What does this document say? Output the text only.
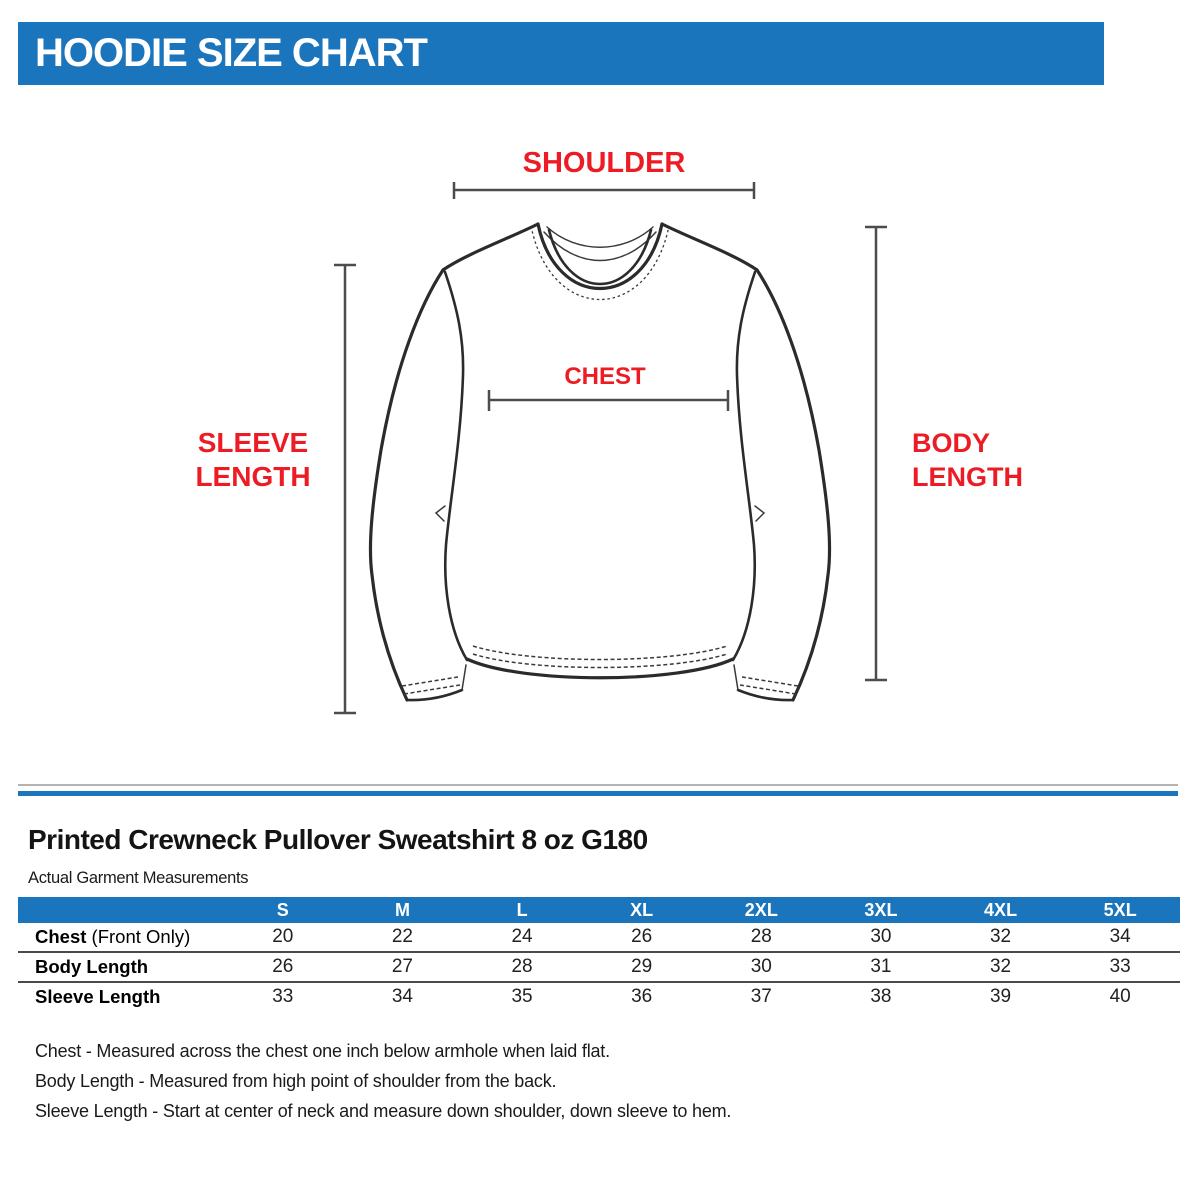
HOODIE SIZE CHART
SHOULDER
CHEST
SLEEVE
LENGTH
BODY
LENGTH
Printed Crewneck Pullover Sweatshirt 8 oz G180
Actual Garment Measurements
	S	M	L	XL	2XL	3XL	4XL	5XL
Chest (Front Only)	20	22	24	26	28	30	32	34
Body Length	26	27	28	29	30	31	32	33
Sleeve Length	33	34	35	36	37	38	39	40
Chest - Measured across the chest one inch below armhole when laid flat.
Body Length - Measured from high point of shoulder from the back.
Sleeve Length - Start at center of neck and measure down shoulder, down sleeve to hem.
